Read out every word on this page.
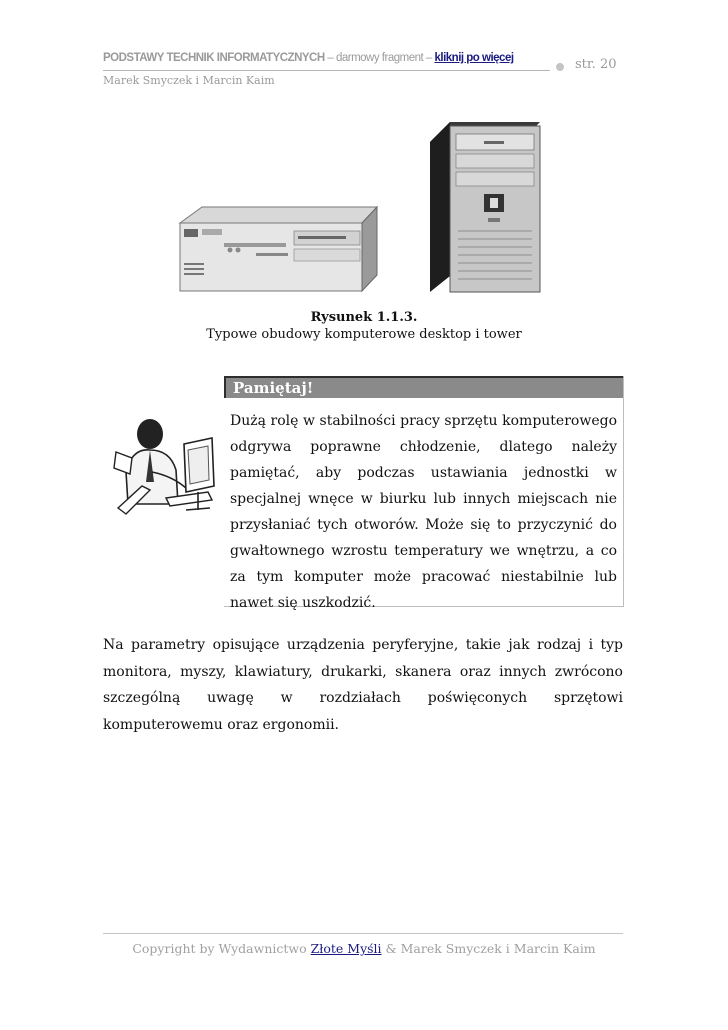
PODSTAWY TECHNIK INFORMATYCZNYCH – darmowy fragment – kliknij po więcej	str. 20
Marek Smyczek i Marcin Kaim
Rysunek 1.1.3.
Typowe obudowy komputerowe desktop i tower
Pamiętaj!
Dużą rolę w stabilności pracy sprzętu komputerowego odgrywa poprawne chłodzenie, dlatego należy pamiętać, aby podczas ustawiania jednostki w specjalnej wnęce w biurku lub innych miejscach nie przysłaniać tych otworów. Może się to przyczynić do gwałtownego wzrostu temperatury we wnętrzu, a co za tym komputer może pracować niestabilnie lub nawet się uszkodzić.
Na parametry opisujące urządzenia peryferyjne, takie jak rodzaj i typ monitora, myszy, klawiatury, drukarki, skanera oraz innych zwrócono szczególną uwagę w rozdziałach poświęconych sprzętowi komputerowemu oraz ergonomii.
Copyright by Wydawnictwo Złote Myśli & Marek Smyczek i Marcin Kaim
